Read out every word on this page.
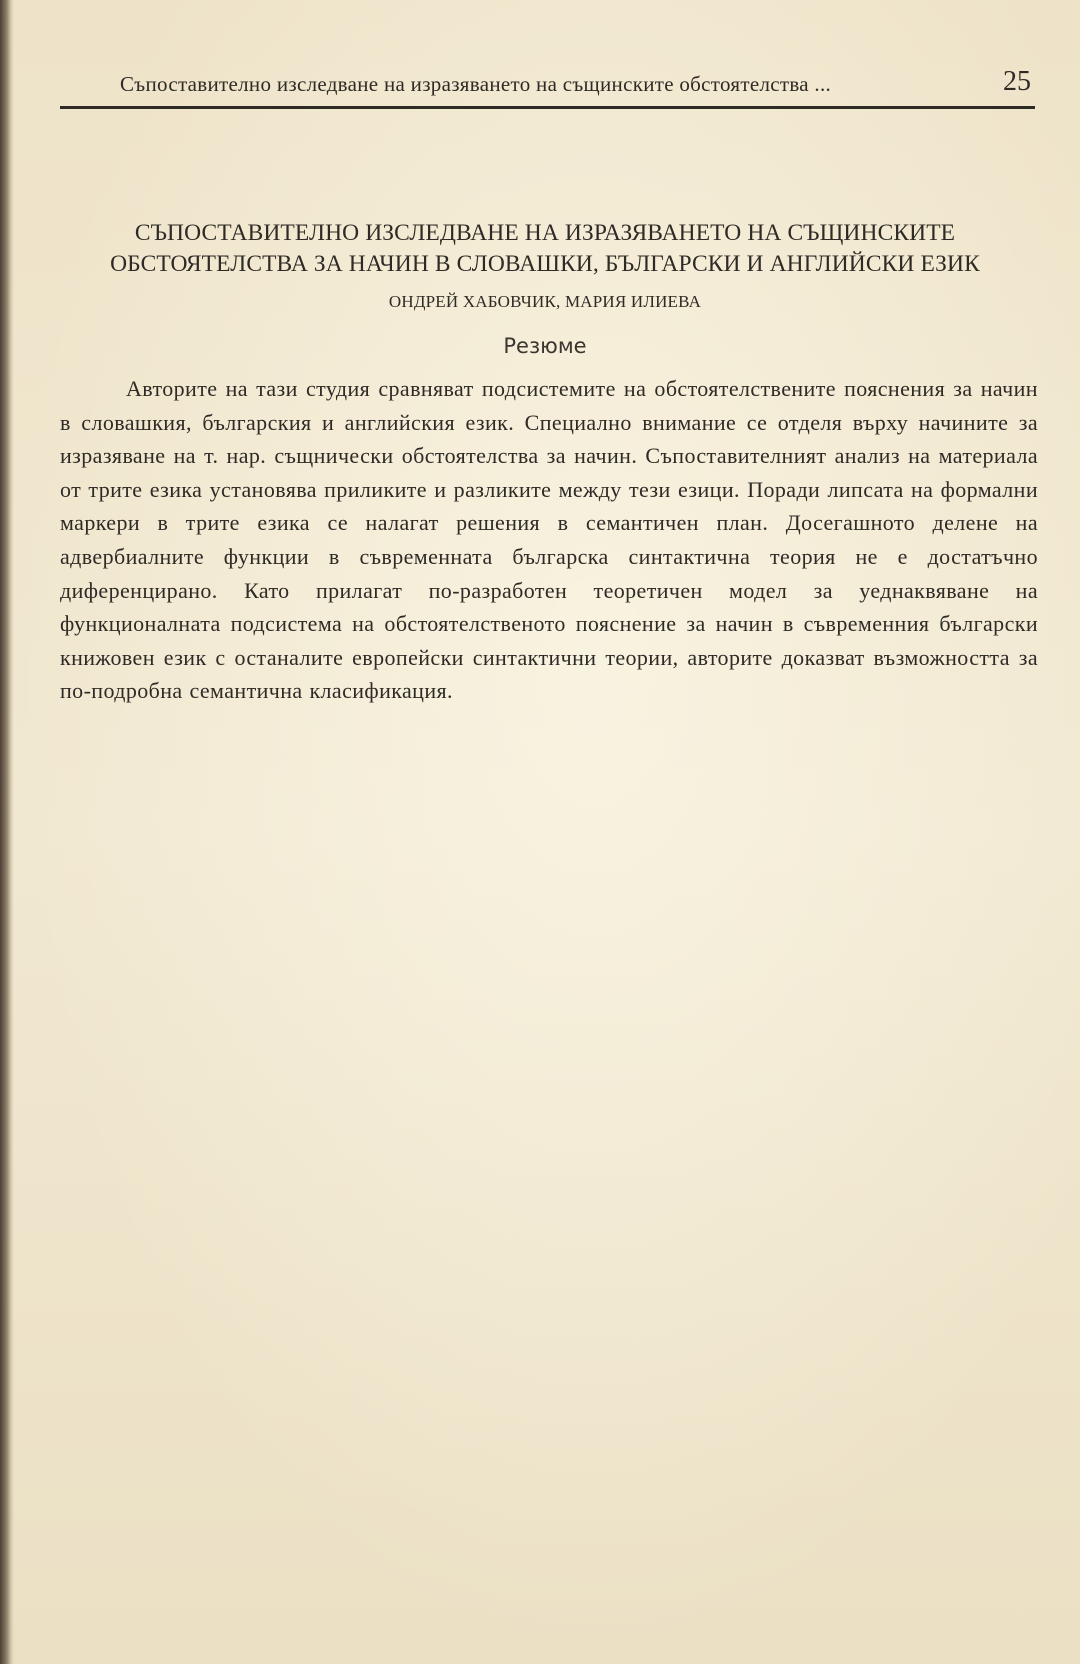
Съпоставително изследване на изразяването на същинските обстоятелства ...	25
СЪПОСТАВИТЕЛНО ИЗСЛЕДВАНЕ НА ИЗРАЗЯВАНЕТО НА СЪЩИНСКИТЕ
ОБСТОЯТЕЛСТВА ЗА НАЧИН В СЛОВАШКИ, БЪЛГАРСКИ И АНГЛИЙСКИ ЕЗИК
ОНДРЕЙ ХАБОВЧИК, МАРИЯ ИЛИЕВА
Резюме

Авторите на тази студия сравняват подсистемите на обстоятелствените пояснения за начин в словашкия, българския и английския език. Специално внимание се отделя върху начините за изразяване на т. нар. същнически обстоятелства за начин. Съпоставителният анализ на материала от трите езика установява приликите и разликите между тези езици. Поради липсата на формални маркери в трите езика се налагат решения в семантичен план. Досегашното делене на адвербиалните функции в съвременната българска синтактична теория не е достатъчно диференцирано. Като прилагат по-разработен теоретичен модел за уеднаквяване на функционалната подсистема на обстоятелственото пояснение за начин в съвременния български книжовен език с останалите европейски синтактични теории, авторите доказват възможността за по-подробна семантична класификация.
